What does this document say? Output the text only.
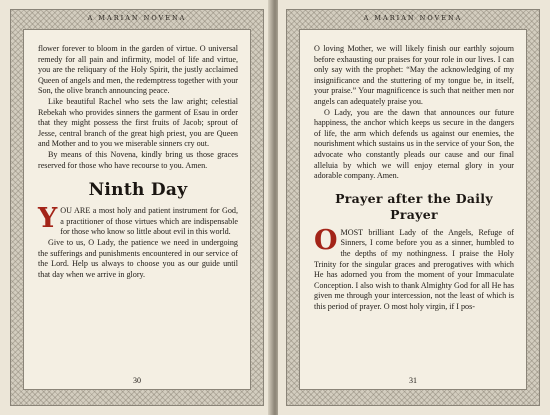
A MARIAN NOVENA

flower forever to bloom in the garden of virtue. O universal remedy for all pain and infirmity, model of life and virtue, you are the reliquary of the Holy Spirit, the justly acclaimed Queen of angels and men, the redemptress together with your Son, the olive branch announcing peace.

Like beautiful Rachel who sets the law aright; celestial Rebekah who provides sinners the garment of Esau in order that they might possess the first fruits of Jacob; sprout of Jesse, central branch of the great high priest, you are Queen and Mother and to you we miserable sinners cry out.

By means of this Novena, kindly bring us those graces reserved for those who have recourse to you. Amen.

Ninth Day

YOU ARE a most holy and patient instrument for God, a practitioner of those virtues which are indispensable for those who know so little about evil in this world.

Give to us, O Lady, the patience we need in undergoing the sufferings and punishments encountered in our service of the Lord. Help us always to choose you as our guide until that day when we arrive in glory.

30
A MARIAN NOVENA

O loving Mother, we will likely finish our earthly sojourn before exhausting our praises for your role in our lives. I can only say with the prophet: “May the acknowledging of my insignificance and the stuttering of my tongue be, in itself, your praise.” Your magnificence is such that neither men nor angels can adequately praise you.

O Lady, you are the dawn that announces our future happiness, the anchor which keeps us secure in the dangers of life, the arm which defends us against our enemies, the nourishment which sustains us in the service of your Son, the advocate who constantly pleads our cause and our final alleluia by which we will enjoy eternal glory in your adorable company. Amen.

Prayer after the Daily Prayer

OMOST brilliant Lady of the Angels, Refuge of Sinners, I come before you as a sinner, humbled to the depths of my nothingness. I praise the Holy Trinity for the singular graces and prerogatives with which He has adorned you from the moment of your Immaculate Conception. I also wish to thank Almighty God for all He has given me through your intercession, not the least of which is this period of prayer. O most holy virgin, if I pos-

31
